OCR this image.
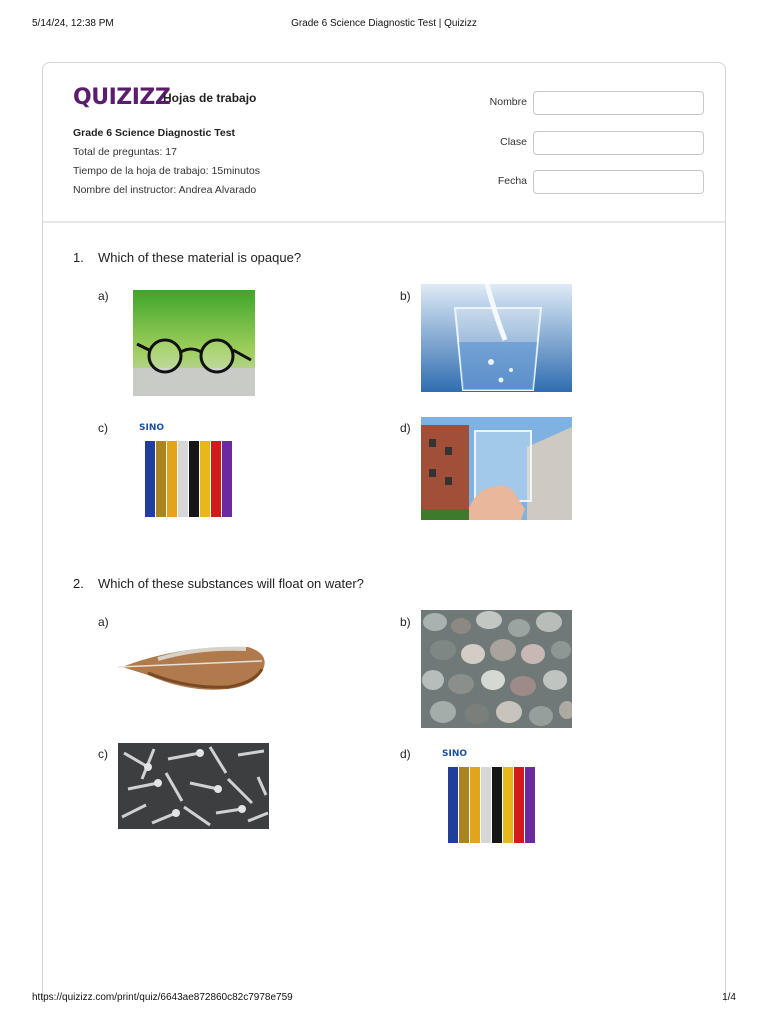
5/14/24, 12:38 PM	Grade 6 Science Diagnostic Test | Quizizz
QUIZIZZ
Hojas de trabajo
Grade 6 Science Diagnostic Test
Total de preguntas: 17
Tiempo de la hoja de trabajo: 15minutos
Nombre del instructor: Andrea Alvarado
Nombre
Clase
Fecha
1. Which of these material is opaque?
a)	b)
c)	SINO	d)
2. Which of these substances will float on water?
a)	b)
c)	d)	SINO
https://quizizz.com/print/quiz/6643ae872860c82c7978e759	1/4
